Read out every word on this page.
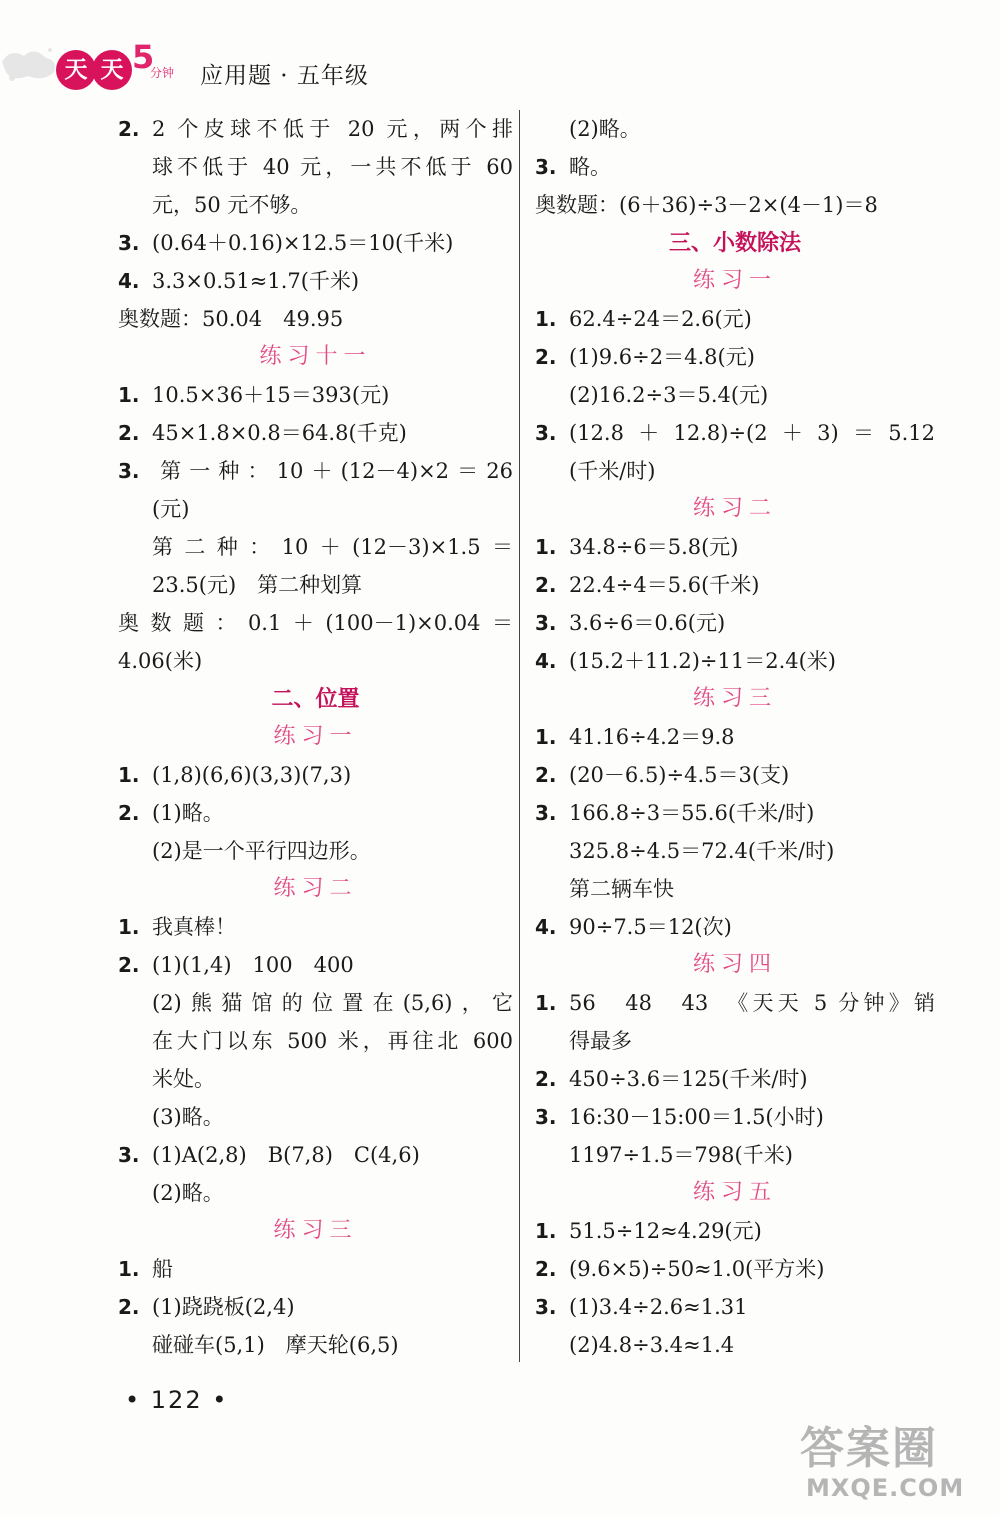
天 天 5
分钟 应用题 · 五年级
2. 2 个皮球不低于 20 元，两个排
球不低于 40 元，一共不低于 60
元，50 元不够。
3. (0.64＋0.16)×12.5＝10(千米)
4. 3.3×0.51≈1.7(千米)
奥数题：50.04　49.95
练习十一
1. 10.5×36＋15＝393(元)
2. 45×1.8×0.8＝64.8(千克)
3. 第一种：10＋(12－4)×2＝26
(元)
第二种：10＋(12－3)×1.5＝
23.5(元)　第二种划算
奥数题：0.1＋(100－1)×0.04＝
4.06(米)
二、位置
练习一
1. (1,8)(6,6)(3,3)(7,3)
2. (1)略。
(2)是一个平行四边形。
练习二
1. 我真棒！
2. (1)(1,4)　100　400
(2)熊猫馆的位置在(5,6)，它
在大门以东 500 米，再往北 600
米处。
(3)略。
3. (1)A(2,8)　B(7,8)　C(4,6)
(2)略。
练习三
1. 船
2. (1)跷跷板(2,4)
碰碰车(5,1)　摩天轮(6,5)
(2)略。
3. 略。
奥数题：(6＋36)÷3－2×(4－1)＝8
三、小数除法
练习一
1. 62.4÷24＝2.6(元)
2. (1)9.6÷2＝4.8(元)
(2)16.2÷3＝5.4(元)
3. (12.8＋12.8)÷(2＋3)＝5.12
(千米/时)
练习二
1. 34.8÷6＝5.8(元)
2. 22.4÷4＝5.6(千米)
3. 3.6÷6＝0.6(元)
4. (15.2＋11.2)÷11＝2.4(米)
练习三
1. 41.16÷4.2＝9.8
2. (20－6.5)÷4.5＝3(支)
3. 166.8÷3＝55.6(千米/时)
325.8÷4.5＝72.4(千米/时)
第二辆车快
4. 90÷7.5＝12(次)
练习四
1. 56　48　43　《天天 5 分钟》销
得最多
2. 450÷3.6＝125(千米/时)
3. 16:30－15:00＝1.5(小时)
1197÷1.5＝798(千米)
练习五
1. 51.5÷12≈4.29(元)
2. (9.6×5)÷50≈1.0(平方米)
3. (1)3.4÷2.6≈1.31
(2)4.8÷3.4≈1.4
• 122 •
答案圈
MXQE.COM
